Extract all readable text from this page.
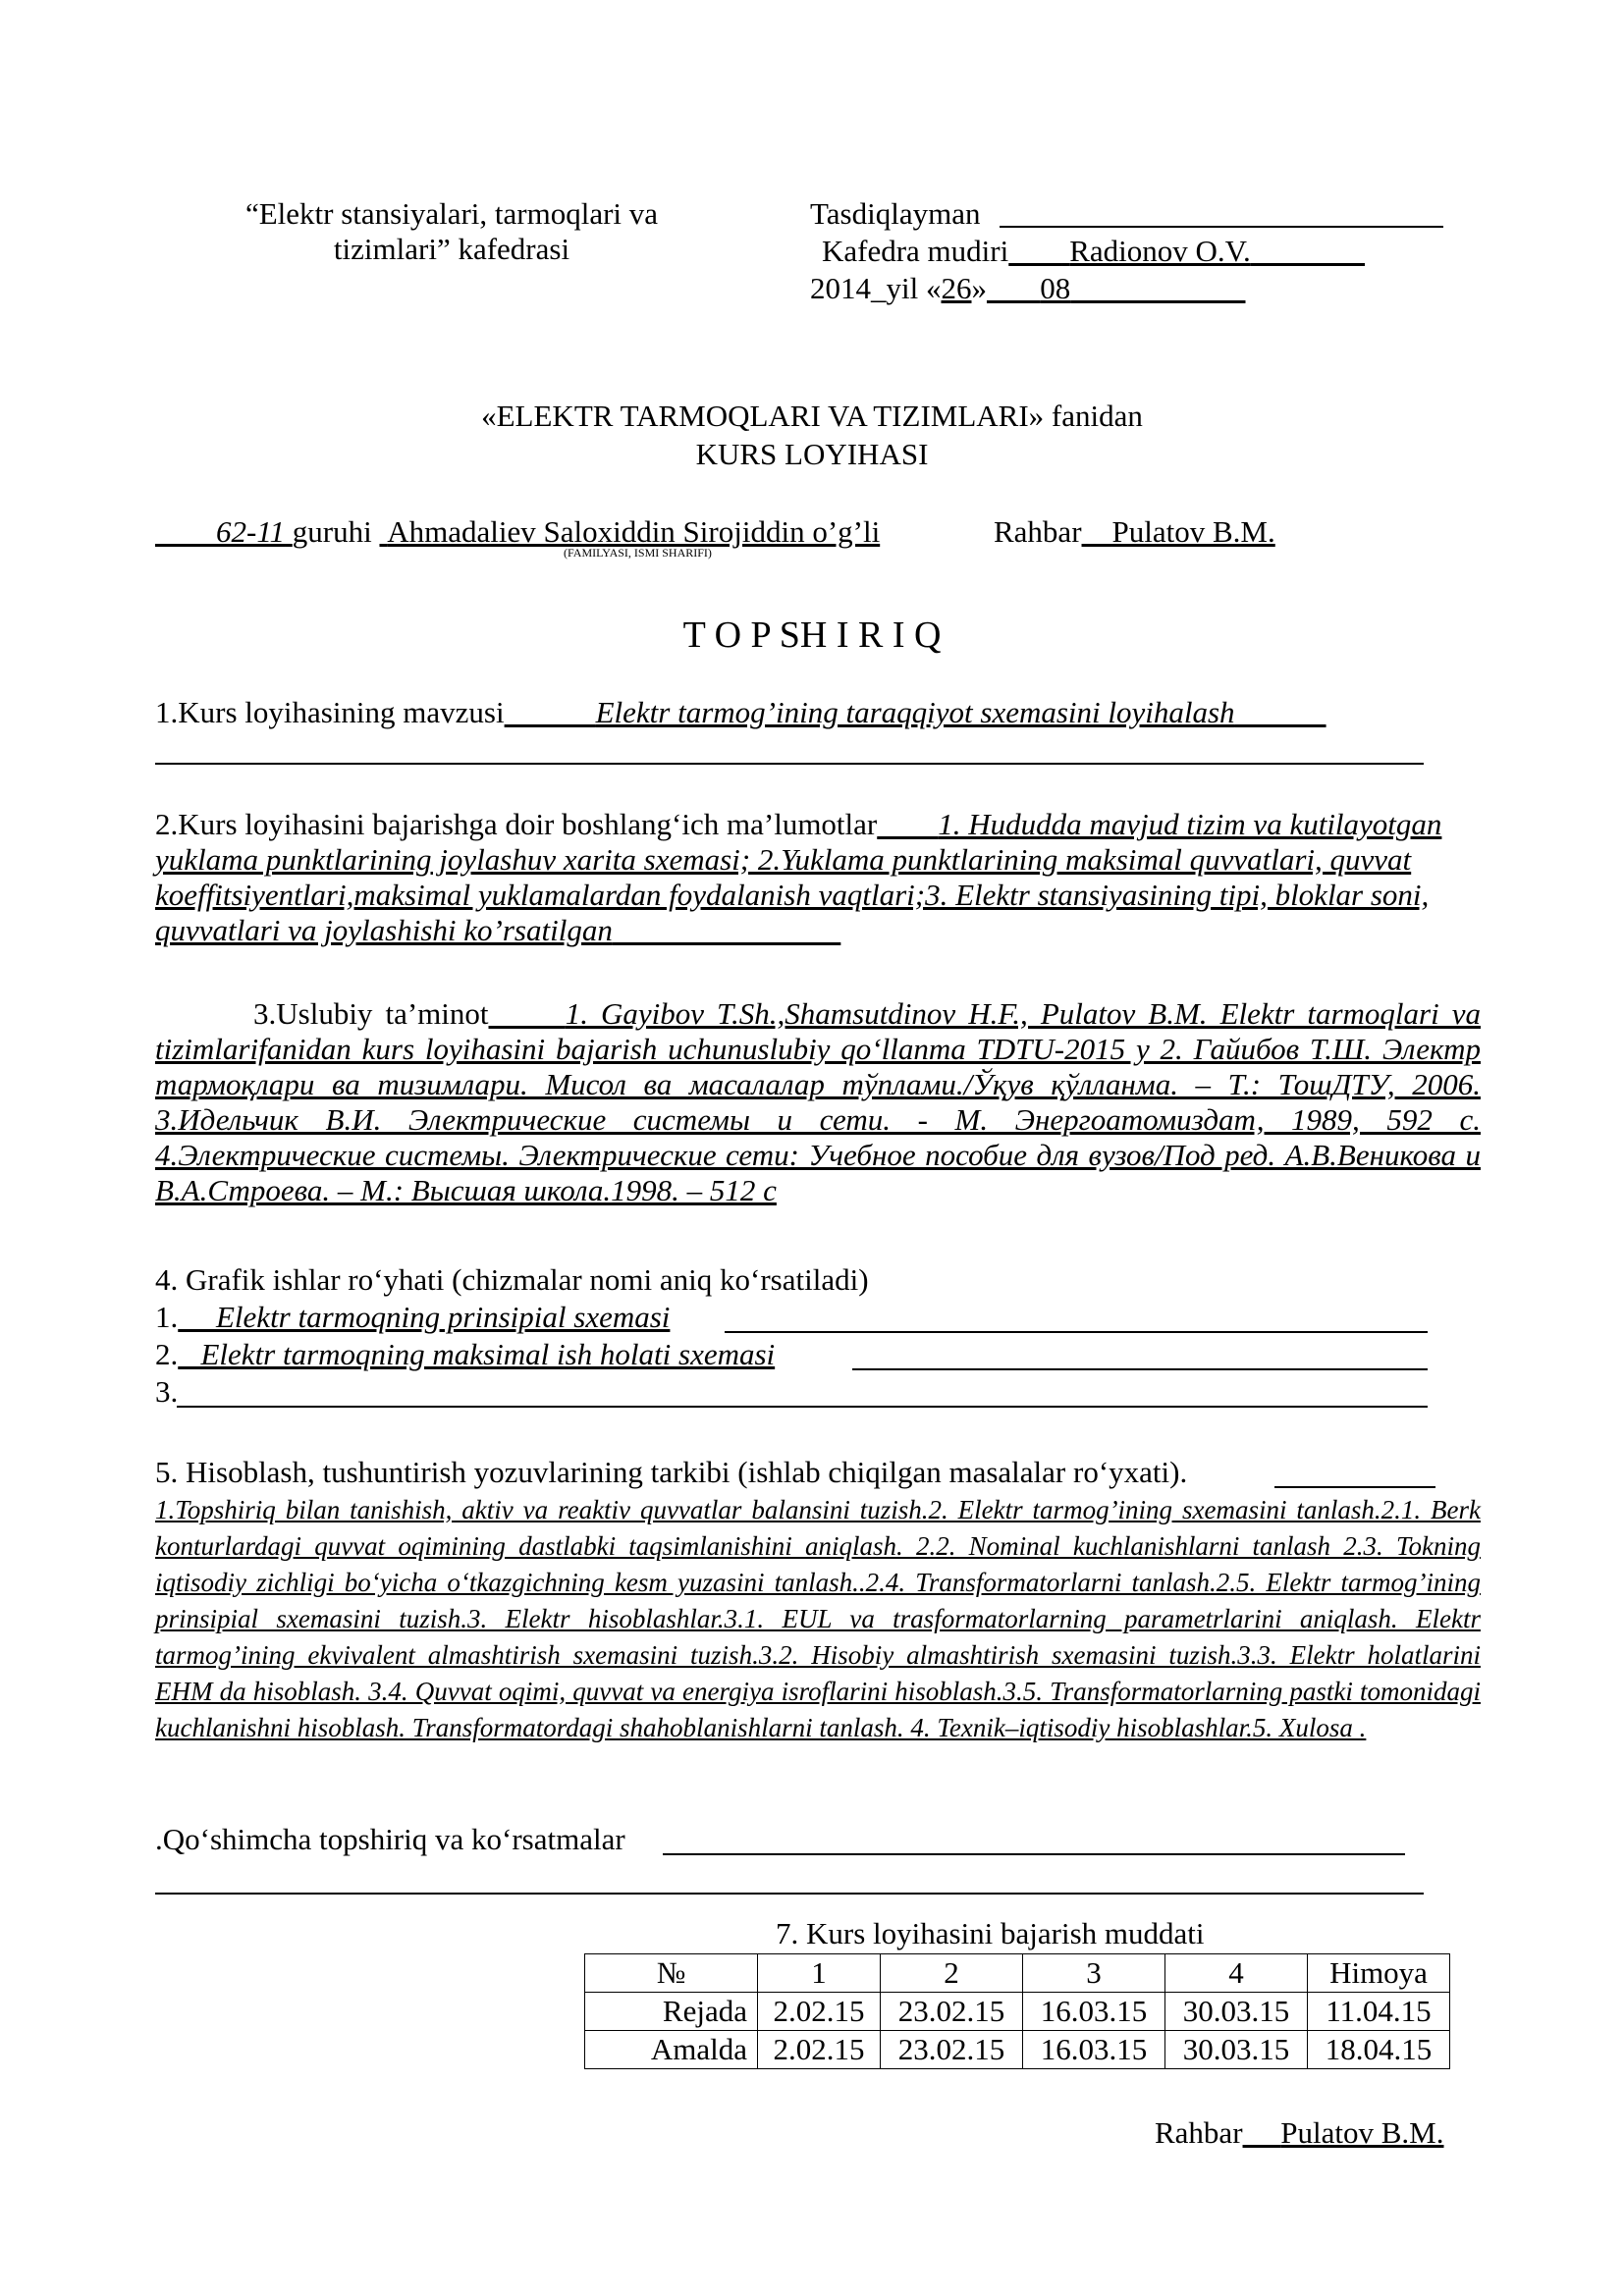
“Elektr stansiyalari, tarmoqlari va
tizimlari” kafedrasi
Tasdiqlayman
Kafedra mudiri Radionov O.V.
2014_yil «26» 08
«ELEKTR TARMOQLARI VA TIZIMLARI» fanidan
KURS LOYIHASI
62-11 guruhi Ahmadaliev Saloxiddin Sirojiddin o’g’li	Rahbar Pulatov B.M.
(FAMILYASI, ISMI SHARIFI)
T O P SH I R I Q
1.Kurs loyihasining mavzusi	Elektr tarmog’ining taraqqiyot sxemasini loyihalash
2.Kurs loyihasini bajarishga doir boshlang‘ich ma’lumotlar 1. Hududda mavjud tizim va kutilayotgan yuklama punktlarining joylashuv xarita sxemasi; 2.Yuklama punktlarining maksimal quvvatlari, quvvat koeffitsiyentlari,maksimal yuklamalardan foydalanish vaqtlari;3. Elektr stansiyasining tipi, bloklar soni, quvvatlari va joylashishi ko’rsatilgan
3.Uslubiy ta’minot	1. Gayibov T.Sh.,Shamsutdinov H.F., Pulatov B.M. Elektr tarmoqlari va tizimlarifanidan kurs loyihasini bajarish uchunuslubiy qo‘llanma TDTU-2015 y 2. Гайибов Т.Ш. Электр тармоқлари ва тизимлари. Мисол ва масалалар тўплами./Ўқув қўлланма. – Т.: ТошДТУ, 2006. 3.Идельчик В.И. Электрические системы и сети. - М. Энергоатомиздат, 1989, 592 с. 4.Электрические системы. Электрические сети: Учебное пособие для вузов/Под ред. А.В.Веникова и В.А.Строева. – М.: Высшая школа.1998. – 512 с
4. Grafik ishlar ro‘yhati (chizmalar nomi aniq ko‘rsatiladi)
1. Elektr tarmoqning prinsipial sxemasi
2. Elektr tarmoqning maksimal ish holati sxemasi
3.
5. Hisoblash, tushuntirish yozuvlarining tarkibi (ishlab chiqilgan masalalar ro‘yxati).
1.Topshiriq bilan tanishish, aktiv va reaktiv quvvatlar balansini tuzish.2. Elektr tarmog’ining sxemasini tanlash.2.1. Berk konturlardagi quvvat oqimining dastlabki taqsimlanishini aniqlash. 2.2. Nominal kuchlanishlarni tanlash 2.3. Tokning iqtisodiy zichligi bo‘yicha o‘tkazgichning kesm yuzasini tanlash..2.4. Transformatorlarni tanlash.2.5. Elektr tarmog’ining prinsipial sxemasini tuzish.3. Elektr hisoblashlar.3.1. EUL va trasformatorlarning parametrlarini aniqlash. Elektr tarmog’ining ekvivalent almashtirish sxemasini tuzish.3.2. Hisobiy almashtirish sxemasini tuzish.3.3. Elektr holatlarini EHM da hisoblash. 3.4. Quvvat oqimi, quvvat va energiya isroflarini hisoblash.3.5. Transformatorlarning pastki tomonidagi kuchlanishni hisoblash. Transformatordagi shahoblanishlarni tanlash. 4. Texnik–iqtisodiy hisoblashlar.5. Xulosa .
.Qo‘shimcha topshiriq va ko‘rsatmalar
7. Kurs loyihasini bajarish muddati
№	1	2	3	4	Himoya
Rejada	2.02.15	23.02.15	16.03.15	30.03.15	11.04.15
Amalda	2.02.15	23.02.15	16.03.15	30.03.15	18.04.15
Rahbar Pulatov B.M.
